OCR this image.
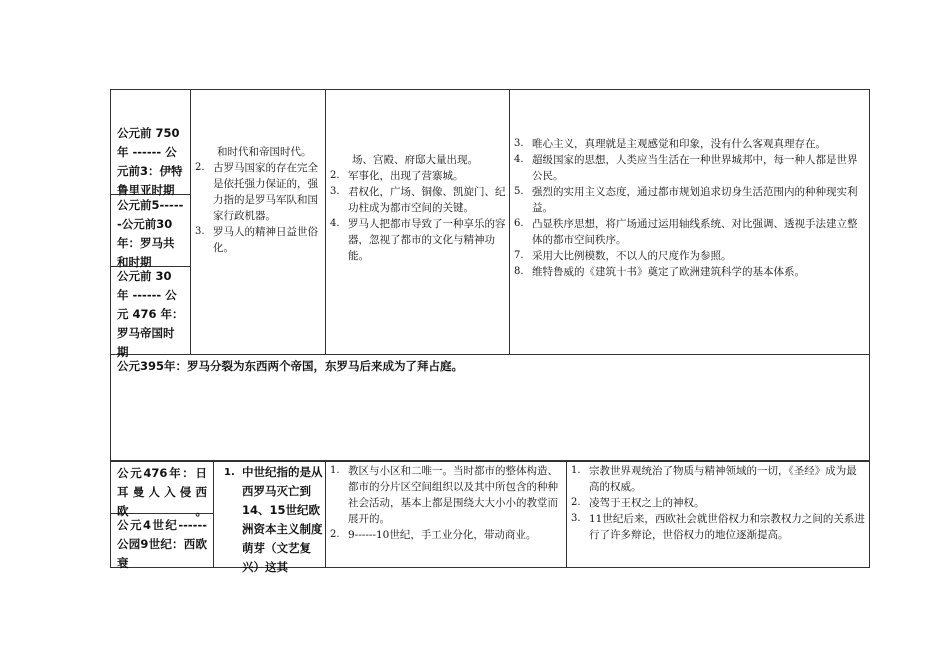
公元前 750 年 ------ 公元前3：伊特鲁里亚时期
公元前5------公元前30年：罗马共和时期
公元前 30 年 ------ 公元 476 年：罗马帝国时期
和时代和帝国时代。
2. 古罗马国家的存在完全是依托强力保证的，强力指的是罗马军队和国家行政机器。
3. 罗马人的精神日益世俗化。
场、宫殿、府邸大量出现。
2. 军事化，出现了营寨城。
3. 君权化，广场、铜像、凯旋门、纪功柱成为都市空间的关键。
4. 罗马人把都市导致了一种享乐的容器，忽视了都市的文化与精神功能。
3. 唯心主义，真理就是主观感觉和印象，没有什么客观真理存在。
4. 超级国家的思想，人类应当生活在一种世界城邦中，每一种人都是世界公民。
5. 强烈的实用主义态度，通过都市规划追求切身生活范围内的种种现实利益。
6. 凸显秩序思想，将广场通过运用轴线系统、对比强调、透视手法建立整体的都市空间秩序。
7. 采用大比例模数，不以人的尺度作为参照。
8. 维特鲁威的《建筑十书》奠定了欧洲建筑科学的基本体系。
公元395年：罗马分裂为东西两个帝国，东罗马后来成为了拜占庭。
公元476年：日耳曼人入侵西欧。
公元4世纪------公园9世纪：西欧衰
1. 中世纪指的是从西罗马灭亡到14、15世纪欧洲资本主义制度萌芽（文艺复兴）这其
1. 教区与小区和二唯一。当时都市的整体构造、都市的分片区空间组织以及其中所包含的种种社会活动，基本上都是围绕大大小小的教堂而展开的。
2. 9------10世纪，手工业分化，带动商业。
1. 宗教世界观统治了物质与精神领域的一切，《圣经》成为最高的权威。
2. 凌驾于王权之上的神权。
3. 11世纪后来，西欧社会就世俗权力和宗教权力之间的关系进行了许多辩论，世俗权力的地位逐渐提高。
